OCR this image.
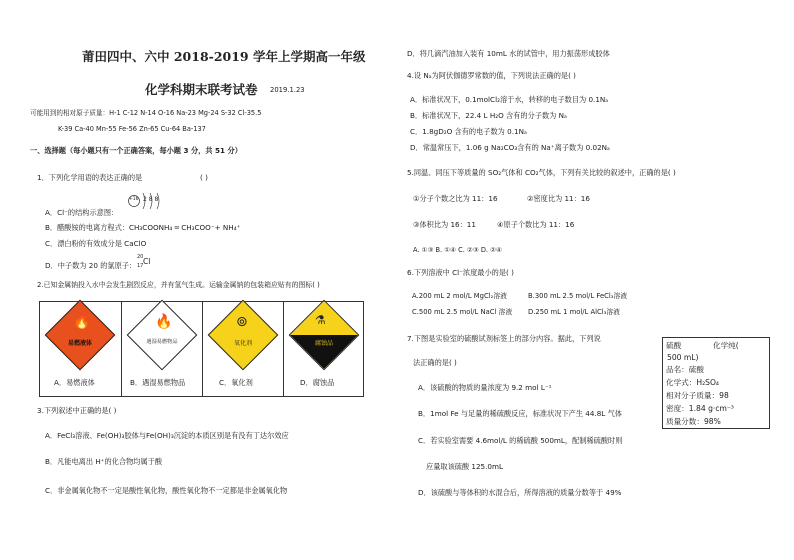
莆田四中、六中 2018-2019 学年上学期高一年级
化学科期末联考试卷 2019.1.23
可能用到的相对原子质量：H-1 C-12 N-14 O-16 Na-23 Mg-24 S-32 Cl-35.5
K-39 Ca-40 Mn-55 Fe-56 Zn-65 Cu-64 Ba-137
一、选择题（每小题只有一个正确答案，每小题 3 分，共 51 分）
1．下列化学用语的表达正确的是	( )
+16 2 8 8
A．Cl⁻的结构示意图：
B．醋酸铵的电离方程式：CH₃COONH₄ ═ CH₃COO⁻+ NH₄⁺
C．漂白粉的有效成分是 CaClO
D．中子数为 20 的氯原子：
20
17 Cl
2.已知金属钠投入水中会发生剧烈反应，并有氢气生成。运输金属钠的包装箱应贴有的图标( )
🔥
易燃液体
A．易燃液体
🔥
遇湿易燃物品
B．遇湿易燃物品
⊚
氧化剂
C．氧化剂
⚗
腐蚀品
D．腐蚀品
3.下列叙述中正确的是( )
A．FeCl₃溶液、Fe(OH)₃胶体与Fe(OH)₃沉淀的本质区别是有没有丁达尔效应
B．凡能电离出 H⁺的化合物均属于酸
C．非金属氧化物不一定是酸性氧化物，酸性氧化物不一定都是非金属氧化物
D．将几滴汽油加入装有 10mL 水的试管中，用力振荡形成胶体
4.设 Nₐ为阿伏伽德罗常数的值，下列说法正确的是( )
A．标准状况下，0.1molCl₂溶于水，转移的电子数目为 0.1Nₐ
B．标准状况下，22.4 L H₂O 含有的分子数为 Nₐ
C．1.8gD₂O 含有的电子数为 0.1Nₐ
D．常温常压下，1.06 g Na₂CO₃含有的 Na⁺离子数为 0.02Nₐ
5.同温、同压下等质量的 SO₂气体和 CO₂气体，下列有关比较的叙述中，正确的是( )
①分子个数之比为 11：16	②密度比为 11：16
③体积比为 16：11	④原子个数比为 11：16
A. ①③ B. ①④ C. ②③ D. ②④
6.下列溶液中 Cl⁻浓度最小的是( )
A.200 mL 2 mol/L MgCl₂溶液	B.300 mL 2.5 mol/L FeCl₃溶液
C.500 mL 2.5 mol/L NaCl 溶液 D.250 mL 1 mol/L AlCl₃溶液
7.下图是实验室的硫酸试剂标签上的部分内容。据此，下列说
法正确的是( )
A．该硫酸的物质的量浓度为 9.2 mol L⁻¹
B．1mol Fe 与足量的稀硫酸反应，标准状况下产生 44.8L 气体
C．若实验室需要 4.6mol/L 的稀硫酸 500mL，配制稀硫酸时则
应量取该硫酸 125.0mL
D．该硫酸与等体积的水混合后，所得溶液的质量分数等于 49%
硫酸	化学纯(
500 mL)
品名：硫酸
化学式：H₂SO₄
相对分子质量：98
密度：1.84 g·cm⁻³
质量分数：98%
